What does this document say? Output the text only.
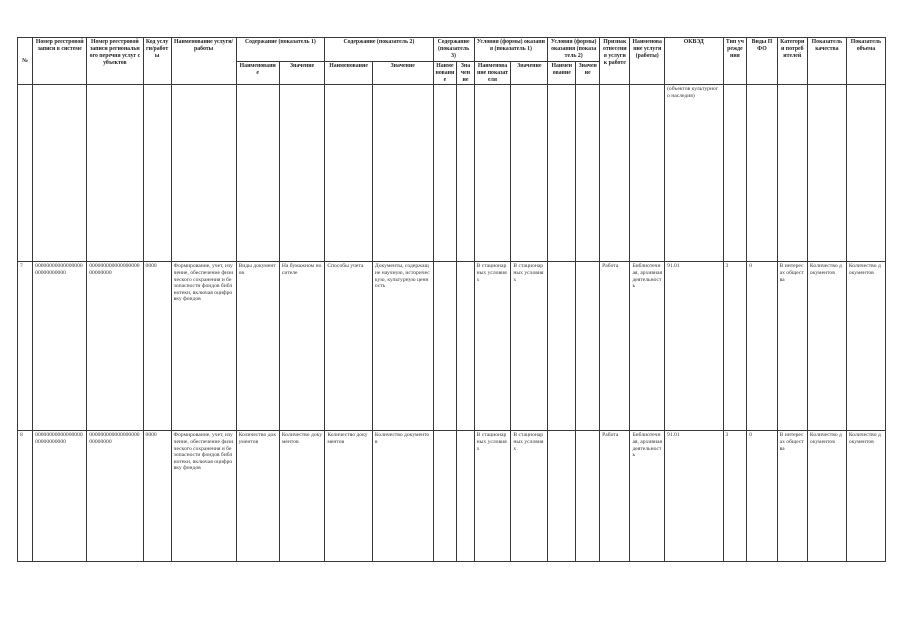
№	Номер реестровой записи в системе	Номер реестровой записи регионального перечня услуг субъектов	Код услуги/работы	Наименование услуги/работы	Содержание (показатель 1)		Содержание (показатель 2)		Содержание (показатель 3)		Условия (формы) оказания (показатель 1)		Условия (формы) оказания (показатель 2)		Признак отнесения услуги к работе	Наименование услуги (работы)	ОКВЭД	Тип учреждения	Виды ПФО	Категории потребителей	Показатель качества	Показатель объема
					Наименование	Значение	Наименование	Значение	Наименование	Значение	Наименование показателя	Значение	Наименование	Значение								
																	(объектов культурного наследия)					
7	0000000000000000000000000000	00000000000000000000000000	0000	Формирование, учет, изучение, обеспечение физического сохранения и безопасности фондов библиотеки, включая оцифровку фондов	Виды документов	На бумажном носителе	Способы учета	Документы, содержащие научную, историческую, культурную ценность			В стационарных условиях	В стационарных условиях			Работа	Библиотечная, архивная деятельность	91.01	3	0	В интересах общества	Количество документов	Количество документов
8	0000000000000000000000000000	00000000000000000000000000	0000	Формирование, учет, изучение, обеспечение физического сохранения и безопасности фондов библиотеки, включая оцифровку фондов	Количество документов	Количество документов	Количество документов	Количество документов			В стационарных условиях	В стационарных условиях			Работа	Библиотечная, архивная деятельность	91.01	3	0	В интересах общества	Количество документов	Количество документов
